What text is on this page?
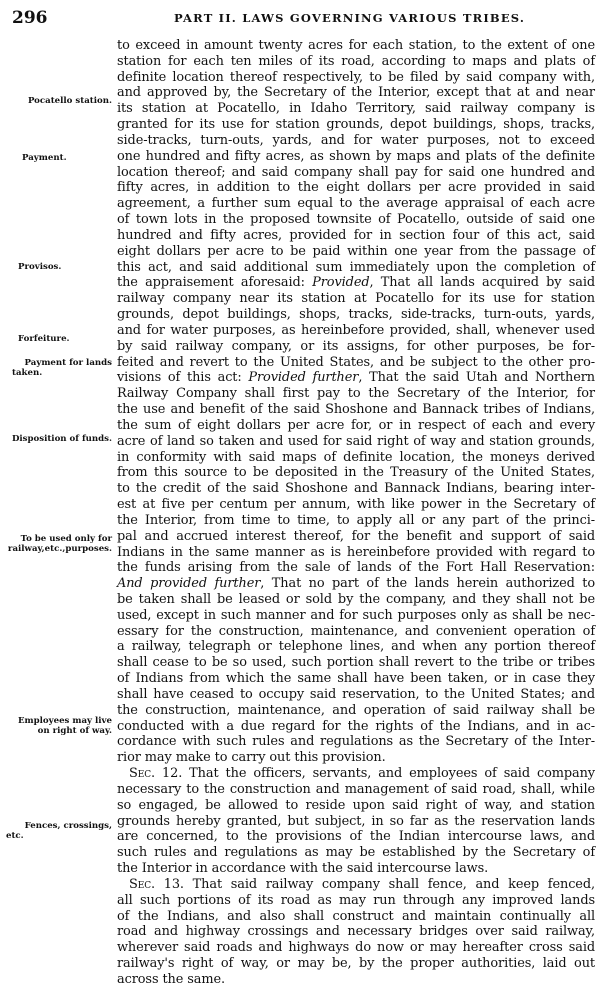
296	PART II. LAWS GOVERNING VARIOUS TRIBES.
Pocatello station.
Payment.
Provisos.
Forfeiture.
Payment for lands
taken.
Disposition of funds.
To be used only for
railway,etc.,purposes.
Employees may live
on right of way.
Fences, crossings,
etc.
to exceed in amount twenty acres for each station, to the extent of one
station for each ten miles of its road, according to maps and plats of
definite location thereof respectively, to be filed by said company with,
and approved by, the Secretary of the Interior, except that at and near
its station at Pocatello, in Idaho Territory, said railway company is
granted for its use for station grounds, depot buildings, shops, tracks,
side-tracks, turn-outs, yards, and for water purposes, not to exceed
one hundred and fifty acres, as shown by maps and plats of the definite
location thereof; and said company shall pay for said one hundred and
fifty acres, in addition to the eight dollars per acre provided in said
agreement, a further sum equal to the average appraisal of each acre
of town lots in the proposed townsite of Pocatello, outside of said one
hundred and fifty acres, provided for in section four of this act, said
eight dollars per acre to be paid within one year from the passage of
this act, and said additional sum immediately upon the completion of
the appraisement aforesaid: Provided, That all lands acquired by said
railway company near its station at Pocatello for its use for station
grounds, depot buildings, shops, tracks, side-tracks, turn-outs, yards,
and for water purposes, as hereinbefore provided, shall, whenever used
by said railway company, or its assigns, for other purposes, be for-
feited and revert to the United States, and be subject to the other pro-
visions of this act: Provided further, That the said Utah and Northern
Railway Company shall first pay to the Secretary of the Interior, for
the use and benefit of the said Shoshone and Bannack tribes of Indians,
the sum of eight dollars per acre for, or in respect of each and every
acre of land so taken and used for said right of way and station grounds,
in conformity with said maps of definite location, the moneys derived
from this source to be deposited in the Treasury of the United States,
to the credit of the said Shoshone and Bannack Indians, bearing inter-
est at five per centum per annum, with like power in the Secretary of
the Interior, from time to time, to apply all or any part of the princi-
pal and accrued interest thereof, for the benefit and support of said
Indians in the same manner as is hereinbefore provided with regard to
the funds arising from the sale of lands of the Fort Hall Reservation:
And provided further, That no part of the lands herein authorized to
be taken shall be leased or sold by the company, and they shall not be
used, except in such manner and for such purposes only as shall be nec-
essary for the construction, maintenance, and convenient operation of
a railway, telegraph or telephone lines, and when any portion thereof
shall cease to be so used, such portion shall revert to the tribe or tribes
of Indians from which the same shall have been taken, or in case they
shall have ceased to occupy said reservation, to the United States; and
the construction, maintenance, and operation of said railway shall be
conducted with a due regard for the rights of the Indians, and in ac-
cordance with such rules and regulations as the Secretary of the Inter-
rior may make to carry out this provision.
Sec. 12. That the officers, servants, and employees of said company
necessary to the construction and management of said road, shall, while
so engaged, be allowed to reside upon said right of way, and station
grounds hereby granted, but subject, in so far as the reservation lands
are concerned, to the provisions of the Indian intercourse laws, and
such rules and regulations as may be established by the Secretary of
the Interior in accordance with the said intercourse laws.
Sec. 13. That said railway company shall fence, and keep fenced,
all such portions of its road as may run through any improved lands
of the Indians, and also shall construct and maintain continually all
road and highway crossings and necessary bridges over said railway,
wherever said roads and highways do now or may hereafter cross said
railway's right of way, or may be, by the proper authorities, laid out
across the same.
